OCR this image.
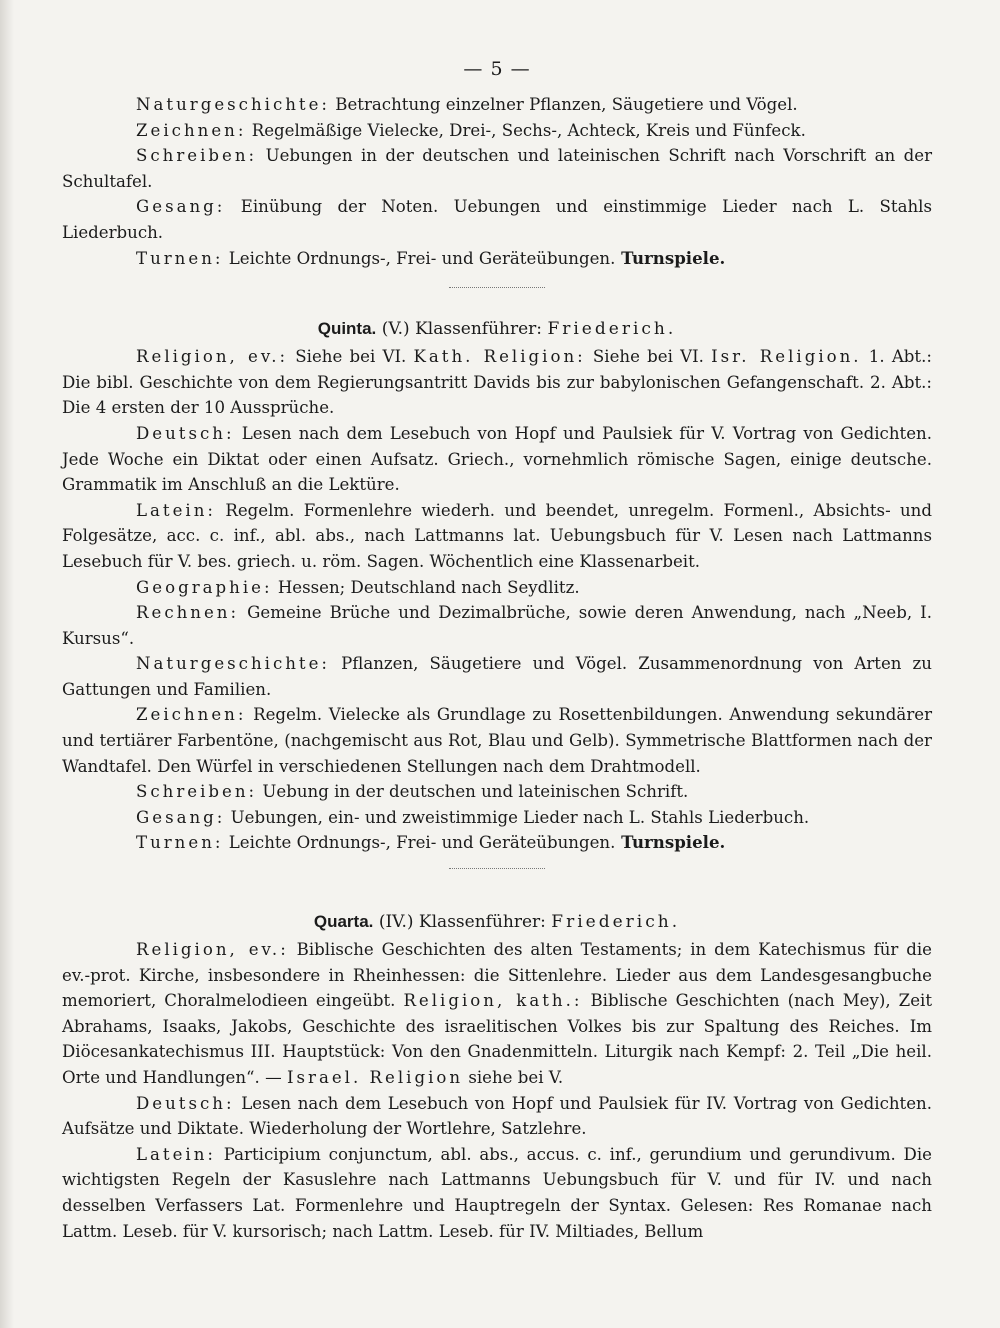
— 5 —

Naturgeschichte: Betrachtung einzelner Pflanzen, Säugetiere und Vögel.

Zeichnen: Regelmäßige Vielecke, Drei-, Sechs-, Achteck, Kreis und Fünfeck.

Schreiben: Uebungen in der deutschen und lateinischen Schrift nach Vorschrift an der Schultafel.

Gesang: Einübung der Noten. Uebungen und einstimmige Lieder nach L. Stahls Liederbuch.

Turnen: Leichte Ordnungs-, Frei- und Geräteübungen. Turnspiele.

Quinta. (V.) Klassenführer: Friederich.

Religion, ev.: Siehe bei VI. Kath. Religion: Siehe bei VI. Isr. Religion. 1. Abt.: Die bibl. Geschichte von dem Regierungsantritt Davids bis zur babylonischen Gefangenschaft. 2. Abt.: Die 4 ersten der 10 Aussprüche.

Deutsch: Lesen nach dem Lesebuch von Hopf und Paulsiek für V. Vortrag von Gedichten. Jede Woche ein Diktat oder einen Aufsatz. Griech., vornehmlich römische Sagen, einige deutsche. Grammatik im Anschluß an die Lektüre.

Latein: Regelm. Formenlehre wiederh. und beendet, unregelm. Formenl., Absichts- und Folgesätze, acc. c. inf., abl. abs., nach Lattmanns lat. Uebungsbuch für V. Lesen nach Lattmanns Lesebuch für V. bes. griech. u. röm. Sagen. Wöchentlich eine Klassenarbeit.

Geographie: Hessen; Deutschland nach Seydlitz.

Rechnen: Gemeine Brüche und Dezimalbrüche, sowie deren Anwendung, nach „Neeb, I. Kursus“.

Naturgeschichte: Pflanzen, Säugetiere und Vögel. Zusammenordnung von Arten zu Gattungen und Familien.

Zeichnen: Regelm. Vielecke als Grundlage zu Rosettenbildungen. Anwendung sekundärer und tertiärer Farbentöne, (nachgemischt aus Rot, Blau und Gelb). Symmetrische Blattformen nach der Wandtafel. Den Würfel in verschiedenen Stellungen nach dem Drahtmodell.

Schreiben: Uebung in der deutschen und lateinischen Schrift.

Gesang: Uebungen, ein- und zweistimmige Lieder nach L. Stahls Liederbuch.

Turnen: Leichte Ordnungs-, Frei- und Geräteübungen. Turnspiele.

Quarta. (IV.) Klassenführer: Friederich.

Religion, ev.: Biblische Geschichten des alten Testaments; in dem Katechismus für die ev.-prot. Kirche, insbesondere in Rheinhessen: die Sittenlehre. Lieder aus dem Landesgesangbuche memoriert, Choralmelodieen eingeübt. Religion, kath.: Biblische Geschichten (nach Mey), Zeit Abrahams, Isaaks, Jakobs, Geschichte des israelitischen Volkes bis zur Spaltung des Reiches. Im Diöcesankatechismus III. Hauptstück: Von den Gnadenmitteln. Liturgik nach Kempf: 2. Teil „Die heil. Orte und Handlungen“. — Israel. Religion siehe bei V.

Deutsch: Lesen nach dem Lesebuch von Hopf und Paulsiek für IV. Vortrag von Gedichten. Aufsätze und Diktate. Wiederholung der Wortlehre, Satzlehre.

Latein: Participium conjunctum, abl. abs., accus. c. inf., gerundium und gerundivum. Die wichtigsten Regeln der Kasuslehre nach Lattmanns Uebungsbuch für V. und für IV. und nach desselben Verfassers Lat. Formenlehre und Hauptregeln der Syntax. Gelesen: Res Romanae nach Lattm. Leseb. für V. kursorisch; nach Lattm. Leseb. für IV. Miltiades, Bellum
